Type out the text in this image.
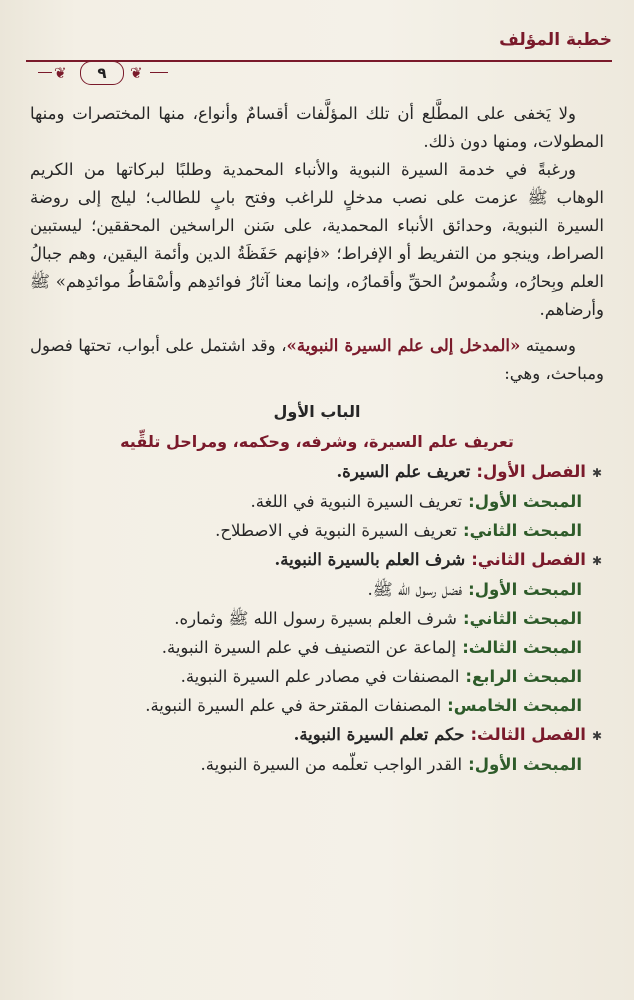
خطبة المؤلف
❦	٩	❦

ولا يَخفى على المطَّلع أن تلك المؤلَّفات أقسامٌ وأنواع، منها المختصرات ومنها المطولات، ومنها دون ذلك.

ورغبةً في خدمة السيرة النبوية والأنباء المحمدية وطلبًا لبركاتها من الكريم الوهاب ﷺ عزمت على نصب مدخلٍ للراغب وفتح بابٍ للطالب؛ ليلج إلى روضة السيرة النبوية، وحدائق الأنباء المحمدية، على سَنن الراسخين المحققين؛ ليستبين الصراط، وينجو من التفريط أو الإفراط؛ «فإنهم حَفَظَةُ الدين وأئمة اليقين، وهم جبالُ العلم وبِحارُه، وشُموسُ الحقِّ وأقمارُه، وإنما معنا آثارُ فوائدِهم وأسْقاطُ موائدِهم» ﷺ وأرضاهم.

وسميته «المدخل إلى علم السيرة النبوية»، وقد اشتمل على أبواب، تحتها فصول ومباحث، وهي:

الباب الأول
تعريف علم السيرة، وشرفه، وحكمه، ومراحل تلقِّيه
✱الفصل الأول:تعريف علم السيرة.
المبحث الأول:تعريف السيرة النبوية في اللغة.
المبحث الثاني:تعريف السيرة النبوية في الاصطلاح.
✱الفصل الثاني:شرف العلم بالسيرة النبوية.
المبحث الأول:فضل رسول الله ﷺ.
المبحث الثاني:شرف العلم بسيرة رسول الله ﷺ وثماره.
المبحث الثالث:إلماعة عن التصنيف في علم السيرة النبوية.
المبحث الرابع:المصنفات في مصادر علم السيرة النبوية.
المبحث الخامس:المصنفات المقترحة في علم السيرة النبوية.
✱الفصل الثالث:حكم تعلم السيرة النبوية.
المبحث الأول:القدر الواجب تعلّمه من السيرة النبوية.
